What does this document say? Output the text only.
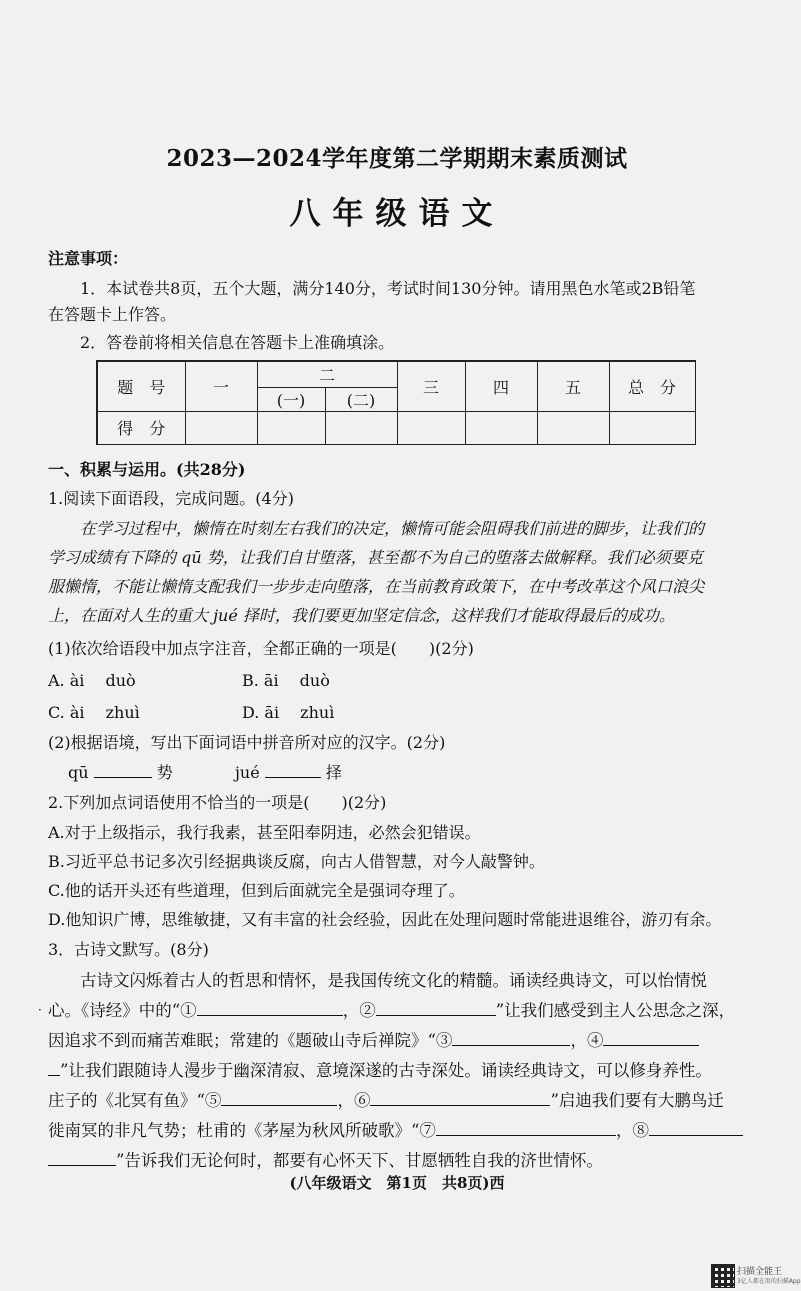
2023—2024学年度第二学期期末素质测试
八年级语文
注意事项：
1．本试卷共8页，五个大题，满分140分，考试时间130分钟。请用黑色水笔或2B铅笔
在答题卡上作答。
2．答卷前将相关信息在答题卡上准确填涂。
题　号	一	二		三	四	五	总　分
		(一)	(二)				
得　分							
一、积累与运用。(共28分)
1.阅读下面语段，完成问题。(4分)
在学习过程中，懒惰在时刻左右我们的决定，懒惰可能会阻碍我们前进的脚步，让我们的
学习成绩有下降的 qū 势，让我们自甘堕落，甚至都不为自己的堕落去做解释。我们必须要克
服懒惰，不能让懒惰支配我们一步步走向堕落，在当前教育政策下，在中考改革这个风口浪尖
上，在面对人生的重大 jué 择时，我们要更加坚定信念，这样我们才能取得最后的成功。
(1)依次给语段中加点字注音，全都正确的一项是(　　)(2分)
A. ài　 duò	B. āi　 duò
C. ài　 zhuì	D. āi　 zhuì
(2)根据语境，写出下面词语中拼音所对应的汉字。(2分)
qū	势	jué	择
2.下列加点词语使用不恰当的一项是(　　)(2分)
A.对于上级指示，我行我素，甚至阳奉阴违，必然会犯错误。
B.习近平总书记多次引经据典谈反腐，向古人借智慧，对今人敲警钟。
C.他的话开头还有些道理，但到后面就完全是强词夺理了。
D.他知识广博，思维敏捷，又有丰富的社会经验，因此在处理问题时常能进退维谷，游刃有余。
3．古诗文默写。(8分)
古诗文闪烁着古人的哲思和情怀，是我国传统文化的精髓。诵读经典诗文，可以怡情悦
· 心。《诗经》中的“①	，②	”让我们感受到主人公思念之深，
因追求不到而痛苦难眠；常建的《题破山寺后禅院》“③	，④
”让我们跟随诗人漫步于幽深清寂、意境深遂的古寺深处。诵读经典诗文，可以修身养性。
庄子的《北冥有鱼》“⑤	，⑥	”启迪我们要有大鹏鸟迁
徙南冥的非凡气势；杜甫的《茅屋为秋风所破歌》“⑦	，⑧
”告诉我们无论何时，都要有心怀天下、甘愿牺牲自我的济世情怀。
(八年级语文　第1页　共8页)西
扫描全能王
3亿人都在用的扫描App
